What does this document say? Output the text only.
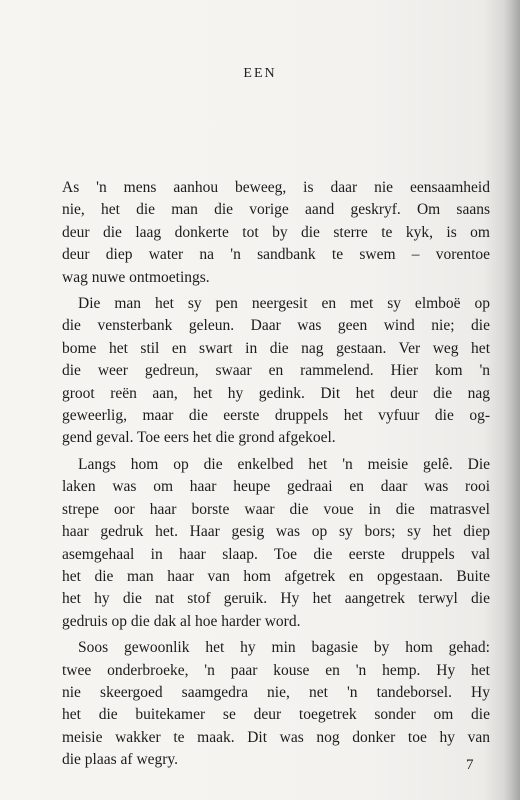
EEN
As 'n mens aanhou beweeg, is daar nie eensaamheid
nie, het die man die vorige aand geskryf. Om saans
deur die laag donkerte tot by die sterre te kyk, is om
deur diep water na 'n sandbank te swem – vorentoe
wag nuwe ontmoetings.
Die man het sy pen neergesit en met sy elmboë op
die vensterbank geleun. Daar was geen wind nie; die
bome het stil en swart in die nag gestaan. Ver weg het
die weer gedreun, swaar en rammelend. Hier kom 'n
groot reën aan, het hy gedink. Dit het deur die nag
geweerlig, maar die eerste druppels het vyfuur die og-
gend geval. Toe eers het die grond afgekoel.
Langs hom op die enkelbed het 'n meisie gelê. Die
laken was om haar heupe gedraai en daar was rooi
strepe oor haar borste waar die voue in die matrasvel
haar gedruk het. Haar gesig was op sy bors; sy het diep
asemgehaal in haar slaap. Toe die eerste druppels val
het die man haar van hom afgetrek en opgestaan. Buite
het hy die nat stof geruik. Hy het aangetrek terwyl die
gedruis op die dak al hoe harder word.
Soos gewoonlik het hy min bagasie by hom gehad:
twee onderbroeke, 'n paar kouse en 'n hemp. Hy het
nie skeergoed saamgedra nie, net 'n tandeborsel. Hy
het die buitekamer se deur toegetrek sonder om die
meisie wakker te maak. Dit was nog donker toe hy van
die plaas af wegry.	7
